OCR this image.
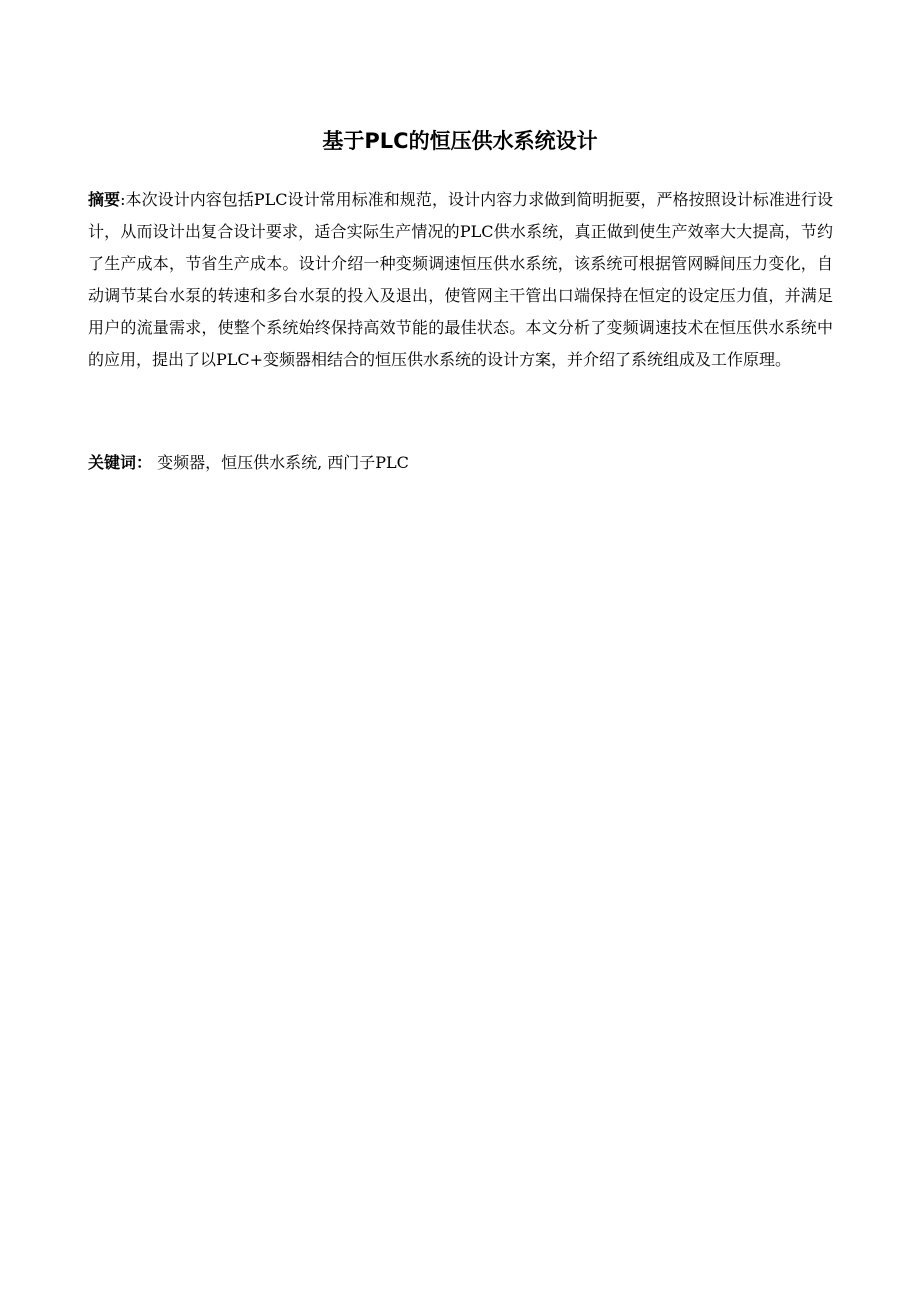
基于PLC的恒压供水系统设计

摘要:本次设计内容包括PLC设计常用标准和规范，设计内容力求做到简明扼要，严格按照设计标准进行设计，从而设计出复合设计要求，适合实际生产情况的PLC供水系统，真正做到使生产效率大大提高，节约了生产成本，节省生产成本。设计介绍一种变频调速恒压供水系统，该系统可根据管网瞬间压力变化，自动调节某台水泵的转速和多台水泵的投入及退出，使管网主干管出口端保持在恒定的设定压力值，并满足用户的流量需求，使整个系统始终保持高效节能的最佳状态。本文分析了变频调速技术在恒压供水系统中的应用，提出了以PLC+变频器相结合的恒压供水系统的设计方案，并介绍了系统组成及工作原理。

关键词： 变频器，恒压供水系统, 西门子PLC
